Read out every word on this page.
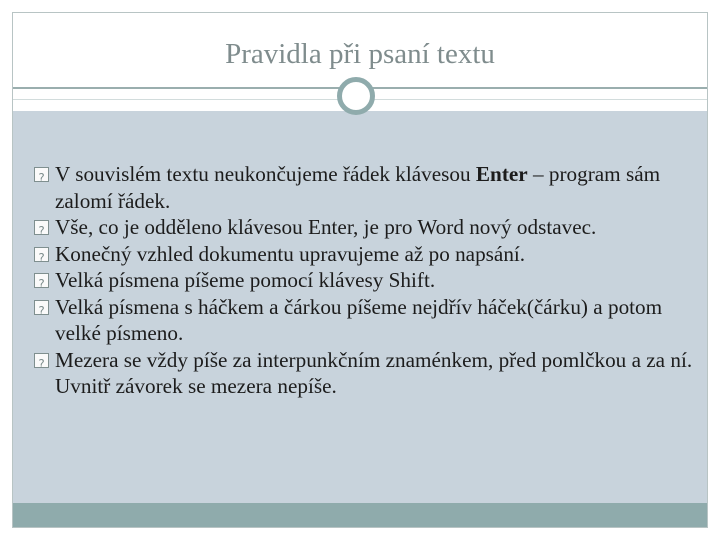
Pravidla při psaní textu
?
V souvislém textu neukončujeme řádek klávesou Enter – program sám zalomí řádek.
?
Vše, co je odděleno klávesou Enter, je pro Word nový odstavec.
?
Konečný vzhled dokumentu upravujeme až po napsání.
?
Velká písmena píšeme pomocí klávesy Shift.
?
Velká písmena s háčkem a čárkou píšeme nejdřív háček(čárku) a potom velké písmeno.
?
Mezera se vždy píše za interpunkčním znaménkem, před pomlčkou a za ní. Uvnitř závorek se mezera nepíše.
